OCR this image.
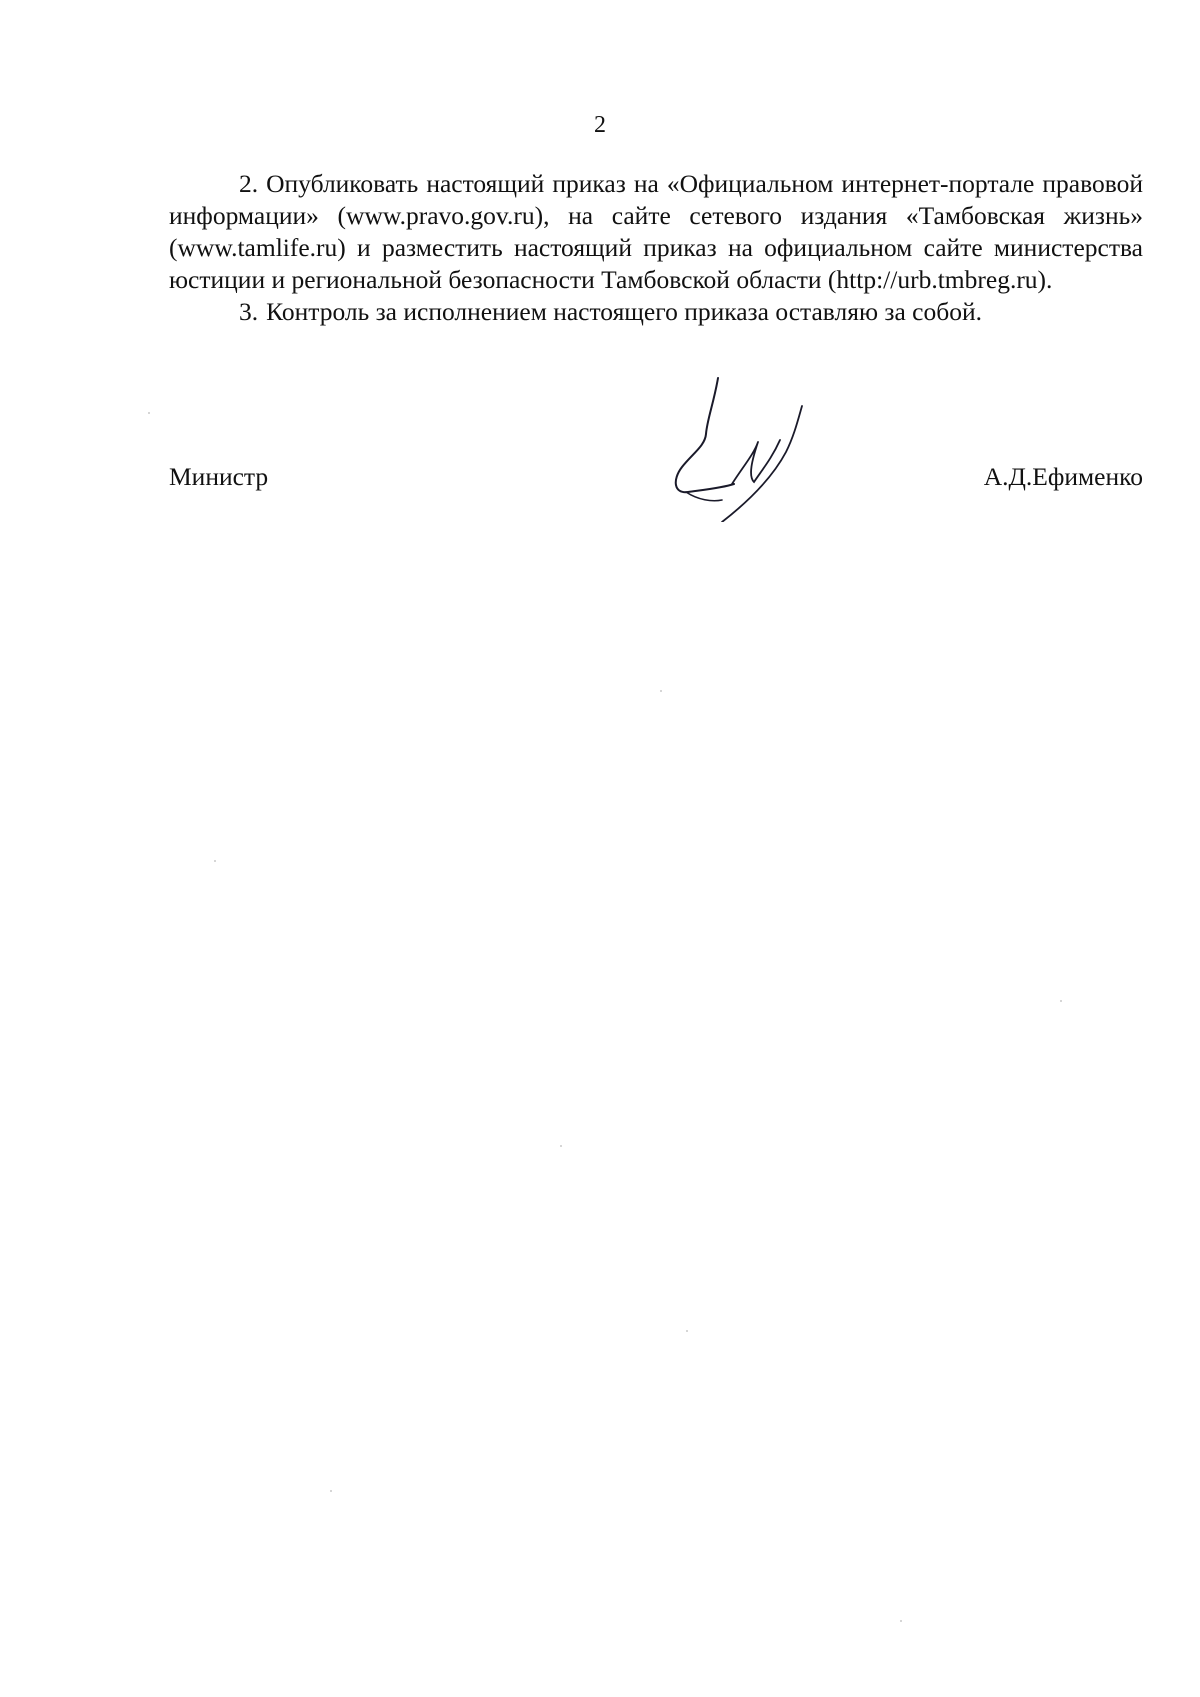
2

2. Опубликовать настоящий приказ на «Официальном интернет-портале правовой информации» (www.pravo.gov.ru), на сайте сетевого издания «Тамбовская жизнь» (www.tamlife.ru) и разместить настоящий приказ на официальном сайте министерства юстиции и региональной безопасности Тамбовской области (http://urb.tmbreg.ru).

3. Контроль за исполнением настоящего приказа оставляю за собой.

Министр	А.Д.Ефименко
